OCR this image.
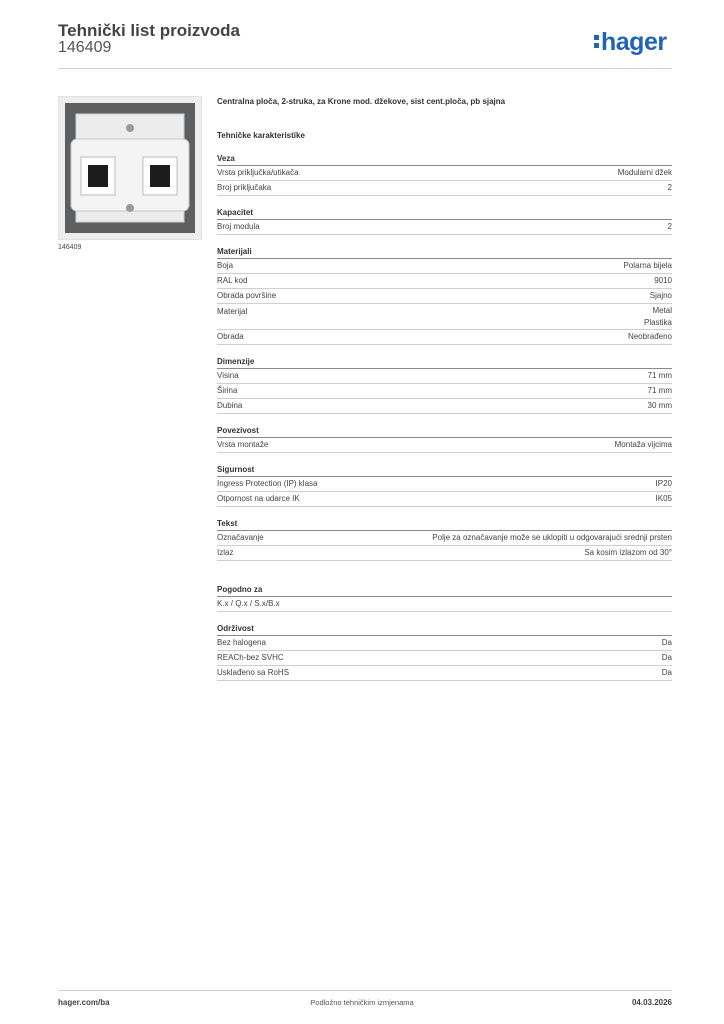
Tehnički list proizvoda
146409	hager
146409

Centralna ploča, 2-struka, za Krone mod. džekove, sist cent.ploča, pb sjajna

Tehničke karakteristike
Veza
Vrsta priključka/utikača	Modularni džek
Broj priključaka	2
Kapacitet
Broj modula	2
Materijali
Boja	Polarna bijela
RAL kod	9010
Obrada površine	Sjajno
Materijal	Metal
Plastika
Obrada	Neobrađeno
Dimenzije
Visina	71 mm
Širina	71 mm
Dubina	30 mm
Povezivost
Vrsta montaže	Montaža vijcima
Sigurnost
Ingress Protection (IP) klasa	IP20
Otpornost na udarce IK	IK05
Tekst
Označavanje	Polje za označavanje može se uklopiti u odgovarajući srednji prsten
Izlaz	Sa kosim izlazom od 30°
Pogodno za
K.x / Q.x / S.x/B.x
Održivost
Bez halogena	Da
REACh-bez SVHC	Da
Usklađeno sa RoHS	Da
hager.com/ba	Podložno tehničkim izmjenama	04.03.2026
